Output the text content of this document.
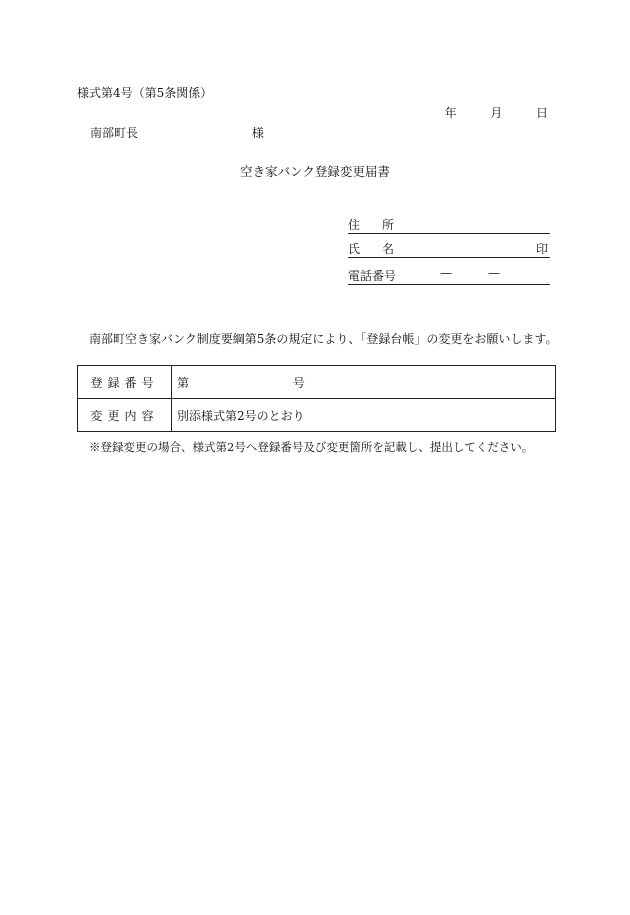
様式第4号（第5条関係）
年	月	日
南部町長	様
空き家バンク登録変更届書
住 所
氏 名	印
電話番号	—	—
南部町空き家バンク制度要綱第5条の規定により、「登録台帳」の変更をお願いします。
登録番号	第 号
変更内容	別添様式第2号のとおり
※登録変更の場合、様式第2号へ登録番号及び変更箇所を記載し、提出してください。
